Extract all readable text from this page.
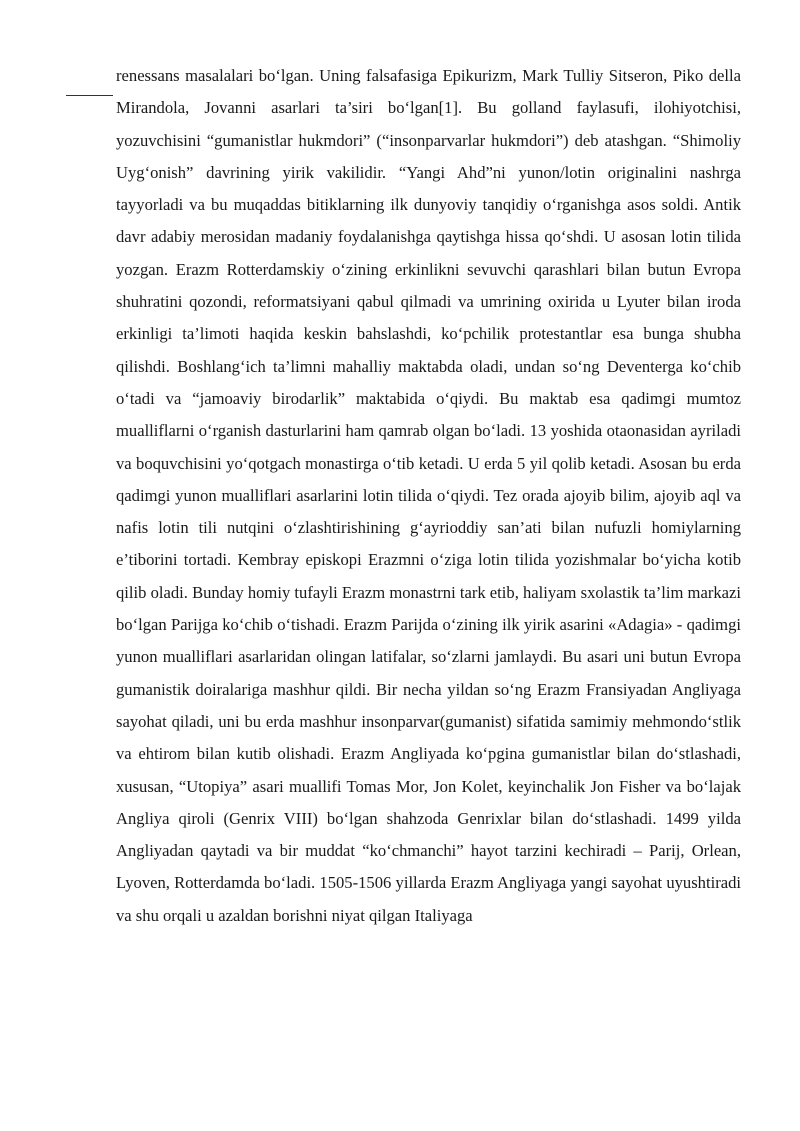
renessans masalalari bo‘lgan. Uning falsafasiga Epikurizm, Mark Tulliy Sitseron, Piko della Mirandola, Jovanni asarlari ta’siri bo‘lgan[1]. Bu golland faylasufi, ilohiyotchisi, yozuvchisini “gumanistlar hukmdori” (“insonparvarlar hukmdori”) deb atashgan. “Shimoliy Uyg‘onish” davrining yirik vakilidir. “Yangi Ahd”ni yunon/lotin originalini nashrga tayyorladi va bu muqaddas bitiklarning ilk dunyoviy tanqidiy o‘rganishga asos soldi. Antik davr adabiy merosidan madaniy foydalanishga qaytishga hissa qo‘shdi. U asosan lotin tilida yozgan. Erazm Rotterdamskiy o‘zining erkinlikni sevuvchi qarashlari bilan butun Evropa shuhratini qozondi, reformatsiyani qabul qilmadi va umrining oxirida u Lyuter bilan iroda erkinligi ta’limoti haqida keskin bahslashdi, ko‘pchilik protestantlar esa bunga shubha qilishdi. Boshlang‘ich ta’limni mahalliy maktabda oladi, undan so‘ng Deventerga ko‘chib o‘tadi va “jamoaviy birodarlik” maktabida o‘qiydi. Bu maktab esa qadimgi mumtoz mualliflarni o‘rganish dasturlarini ham qamrab olgan bo‘ladi. 13 yoshida otaonasidan ayriladi va boquvchisini yo‘qotgach monastirga o‘tib ketadi. U erda 5 yil qolib ketadi. Asosan bu erda qadimgi yunon mualliflari asarlarini lotin tilida o‘qiydi. Tez orada ajoyib bilim, ajoyib aql va nafis lotin tili nutqini o‘zlashtirishining g‘ayrioddiy san’ati bilan nufuzli homiylarning e’tiborini tortadi. Kembray episkopi Erazmni o‘ziga lotin tilida yozishmalar bo‘yicha kotib qilib oladi. Bunday homiy tufayli Erazm monastrni tark etib, haliyam sxolastik ta’lim markazi bo‘lgan Parijga ko‘chib o‘tishadi. Erazm Parijda o‘zining ilk yirik asarini «Adagia» - qadimgi yunon mualliflari asarlaridan olingan latifalar, so‘zlarni jamlaydi. Bu asari uni butun Evropa gumanistik doiralariga mashhur qildi. Bir necha yildan so‘ng Erazm Fransiyadan Angliyaga sayohat qiladi, uni bu erda mashhur insonparvar(gumanist) sifatida samimiy mehmondo‘stlik va ehtirom bilan kutib olishadi. Erazm Angliyada ko‘pgina gumanistlar bilan do‘stlashadi, xususan, “Utopiya” asari muallifi Tomas Mor, Jon Kolet, keyinchalik Jon Fisher va bo‘lajak Angliya qiroli (Genrix VIII) bo‘lgan shahzoda Genrixlar bilan do‘stlashadi. 1499 yilda Angliyadan qaytadi va bir muddat “ko‘chmanchi” hayot tarzini kechiradi – Parij, Orlean, Lyoven, Rotterdamda bo‘ladi. 1505-1506 yillarda Erazm Angliyaga yangi sayohat uyushtiradi va shu orqali u azaldan borishni niyat qilgan Italiyaga
